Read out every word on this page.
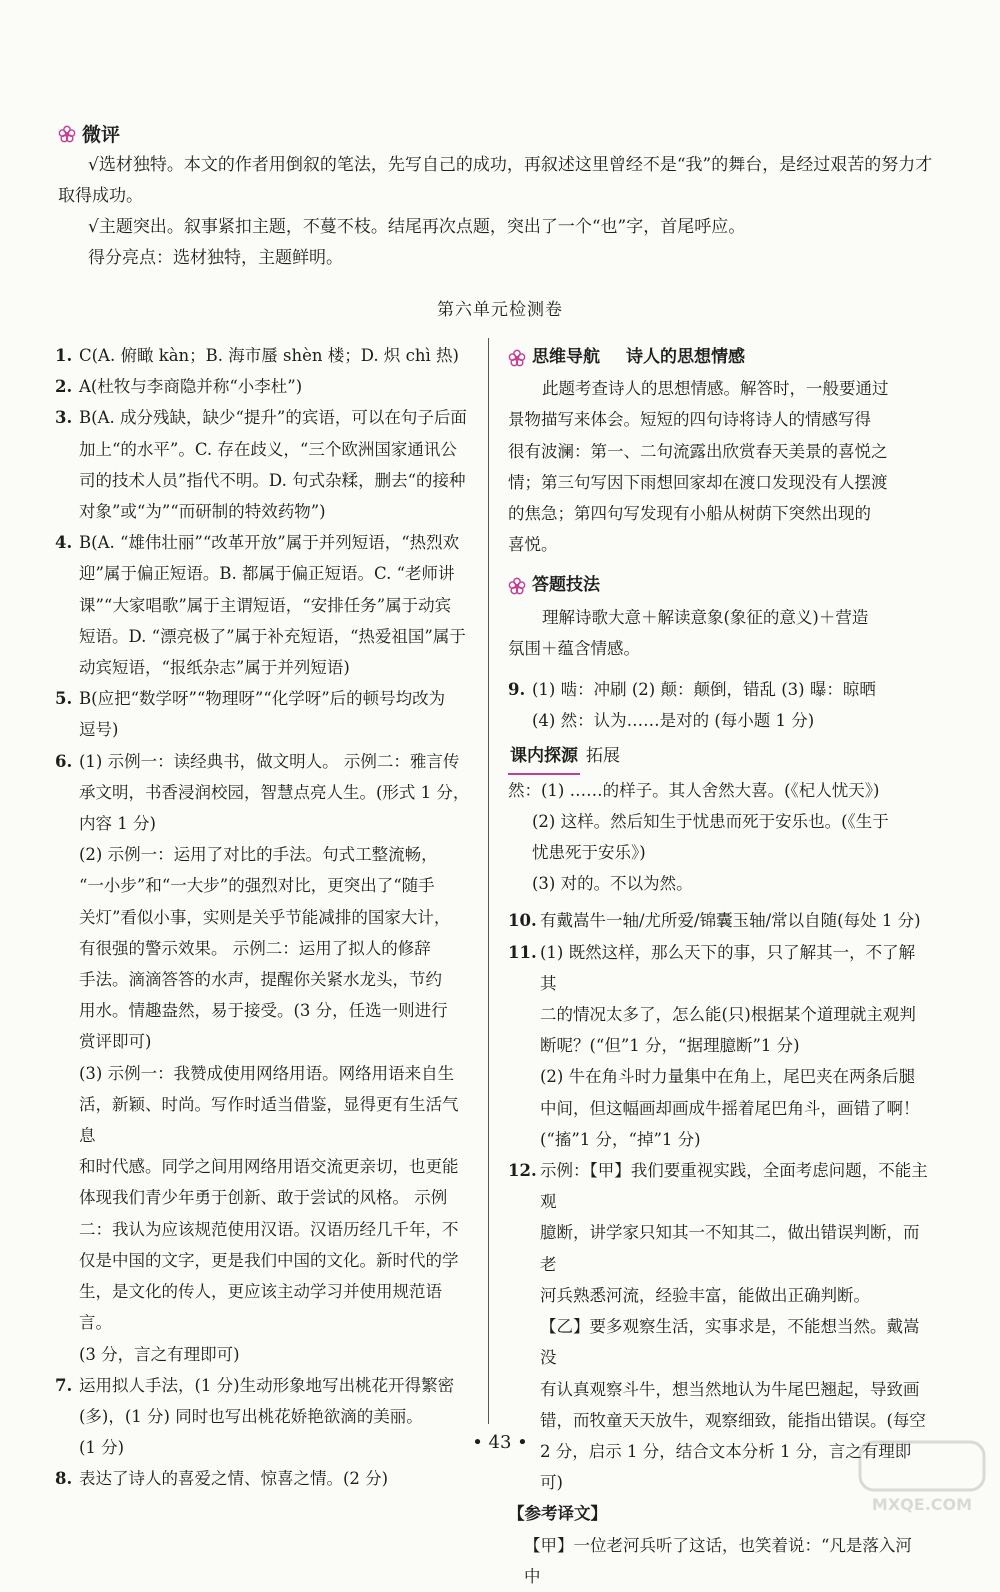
微评

√选材独特。本文的作者用倒叙的笔法，先写自己的成功，再叙述这里曾经不是“我”的舞台，是经过艰苦的努力才

取得成功。

√主题突出。叙事紧扣主题，不蔓不枝。结尾再次点题，突出了一个“也”字，首尾呼应。

得分亮点：选材独特，主题鲜明。

第六单元检测卷

1. C(A. 俯瞰 kàn；B. 海市蜃 shèn 楼；D. 炽 chì 热)

2. A(杜牧与李商隐并称“小李杜”)

3. B(A. 成分残缺，缺少“提升”的宾语，可以在句子后面

加上“的水平”。C. 存在歧义，“三个欧洲国家通讯公

司的技术人员”指代不明。D. 句式杂糅，删去“的接种

对象”或“为”“而研制的特效药物”)

4. B(A. “雄伟壮丽”“改革开放”属于并列短语，“热烈欢

迎”属于偏正短语。B. 都属于偏正短语。C. “老师讲

课”“大家唱歌”属于主谓短语，“安排任务”属于动宾

短语。D. “漂亮极了”属于补充短语，“热爱祖国”属于

动宾短语，“报纸杂志”属于并列短语)

5. B(应把“数学呀”“物理呀”“化学呀”后的顿号均改为

逗号)

6. (1) 示例一：读经典书，做文明人。 示例二：雅言传

承文明，书香浸润校园，智慧点亮人生。(形式 1 分，

内容 1 分)

(2) 示例一：运用了对比的手法。句式工整流畅，

“一小步”和“一大步”的强烈对比，更突出了“随手

关灯”看似小事，实则是关乎节能减排的国家大计，

有很强的警示效果。 示例二：运用了拟人的修辞

手法。滴滴答答的水声，提醒你关紧水龙头，节约

用水。情趣盎然，易于接受。(3 分，任选一则进行

赏评即可)

(3) 示例一：我赞成使用网络用语。网络用语来自生

活，新颖、时尚。写作时适当借鉴，显得更有生活气息

和时代感。同学之间用网络用语交流更亲切，也更能

体现我们青少年勇于创新、敢于尝试的风格。 示例

二：我认为应该规范使用汉语。汉语历经几千年，不

仅是中国的文字，更是我们中国的文化。新时代的学

生，是文化的传人，更应该主动学习并使用规范语言。

(3 分，言之有理即可)

7. 运用拟人手法，(1 分)生动形象地写出桃花开得繁密

(多)，(1 分) 同时也写出桃花娇艳欲滴的美丽。

(1 分)

8. 表达了诗人的喜爱之情、惊喜之情。(2 分)

思维导航 诗人的思想情感

此题考查诗人的思想情感。解答时，一般要通过

景物描写来体会。短短的四句诗将诗人的情感写得

很有波澜：第一、二句流露出欣赏春天美景的喜悦之

情；第三句写因下雨想回家却在渡口发现没有人摆渡

的焦急；第四句写发现有小船从树荫下突然出现的

喜悦。

答题技法

理解诗歌大意＋解读意象(象征的意义)＋营造

氛围＋蕴含情感。

9. (1) 啮：冲刷 (2) 颠：颠倒，错乱 (3) 曝：晾晒

(4) 然：认为……是对的 (每小题 1 分)

课内探源 拓展

然：(1) ……的样子。其人舍然大喜。(《杞人忧天》)

(2) 这样。然后知生于忧患而死于安乐也。(《生于

忧患死于安乐》)

(3) 对的。不以为然。

10. 有戴嵩牛一轴/尤所爱/锦囊玉轴/常以自随(每处 1 分)

11. (1) 既然这样，那么天下的事，只了解其一，不了解其

二的情况太多了，怎么能(只)根据某个道理就主观判

断呢？(“但”1 分，“据理臆断”1 分)

(2) 牛在角斗时力量集中在角上，尾巴夹在两条后腿

中间，但这幅画却画成牛摇着尾巴角斗，画错了啊！

(“搐”1 分，“掉”1 分)

12. 示例：【甲】我们要重视实践，全面考虑问题，不能主观

臆断，讲学家只知其一不知其二，做出错误判断，而老

河兵熟悉河流，经验丰富，能做出正确判断。

【乙】要多观察生活，实事求是，不能想当然。戴嵩没

有认真观察斗牛，想当然地认为牛尾巴翘起，导致画

错，而牧童天天放牛，观察细致，能指出错误。(每空

2 分，启示 1 分，结合文本分析 1 分，言之有理即可)

【参考译文】

【甲】一位老河兵听了这话，也笑着说：“凡是落入河中

• 43 •
MXQE.COM
